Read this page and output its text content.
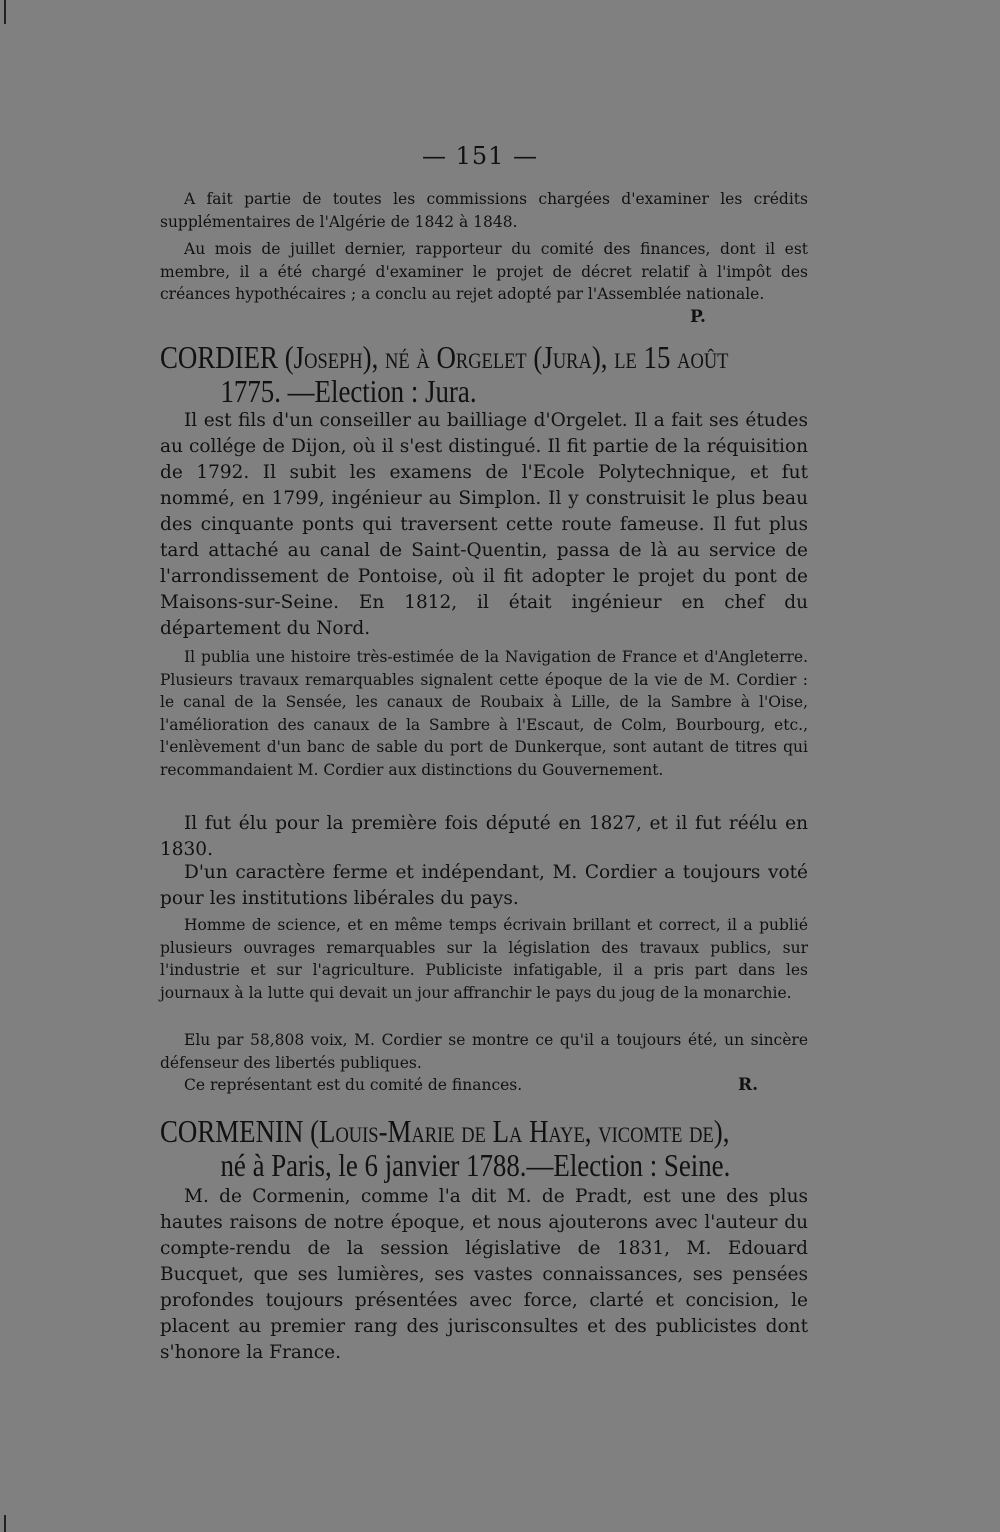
— 151 —

A fait partie de toutes les commissions chargées d'examiner les crédits supplémentaires de l'Algérie de 1842 à 1848.

Au mois de juillet dernier, rapporteur du comité des finances, dont il est membre, il a été chargé d'examiner le projet de décret relatif à l'impôt des créances hypothécaires ; a conclu au rejet adopté par l'Assemblée nationale.

P.
CORDIER (Joseph), né à Orgelet (Jura), le 15 août
1775. —Election : Jura.

Il est fils d'un conseiller au bailliage d'Orgelet. Il a fait ses études au collége de Dijon, où il s'est distingué. Il fit partie de la réquisition de 1792. Il subit les examens de l'Ecole Polytechnique, et fut nommé, en 1799, ingénieur au Simplon. Il y construisit le plus beau des cinquante ponts qui traversent cette route fameuse. Il fut plus tard attaché au canal de Saint-Quentin, passa de là au service de l'arrondissement de Pontoise, où il fit adopter le projet du pont de Maisons-sur-Seine. En 1812, il était ingénieur en chef du département du Nord.

Il publia une histoire très-estimée de la Navigation de France et d'Angleterre. Plusieurs travaux remarquables signalent cette époque de la vie de M. Cordier : le canal de la Sensée, les canaux de Roubaix à Lille, de la Sambre à l'Oise, l'amélioration des canaux de la Sambre à l'Escaut, de Colm, Bourbourg, etc., l'enlèvement d'un banc de sable du port de Dunkerque, sont autant de titres qui recommandaient M. Cordier aux distinctions du Gouvernement.

Il fut élu pour la première fois député en 1827, et il fut réélu en 1830.

D'un caractère ferme et indépendant, M. Cordier a toujours voté pour les institutions libérales du pays.

Homme de science, et en même temps écrivain brillant et correct, il a publié plusieurs ouvrages remarquables sur la législation des travaux publics, sur l'industrie et sur l'agriculture. Publiciste infatigable, il a pris part dans les journaux à la lutte qui devait un jour affranchir le pays du joug de la monarchie.

Elu par 58,808 voix, M. Cordier se montre ce qu'il a toujours été, un sincère défenseur des libertés publiques.

Ce représentant est du comité de finances.	R.
CORMENIN (Louis-Marie de La Haye, vicomte de),
né à Paris, le 6 janvier 1788.—Election : Seine.

M. de Cormenin, comme l'a dit M. de Pradt, est une des plus hautes raisons de notre époque, et nous ajouterons avec l'auteur du compte-rendu de la session législative de 1831, M. Edouard Bucquet, que ses lumières, ses vastes connaissances, ses pensées profondes toujours présentées avec force, clarté et concision, le placent au premier rang des jurisconsultes et des publicistes dont s'honore la France.
